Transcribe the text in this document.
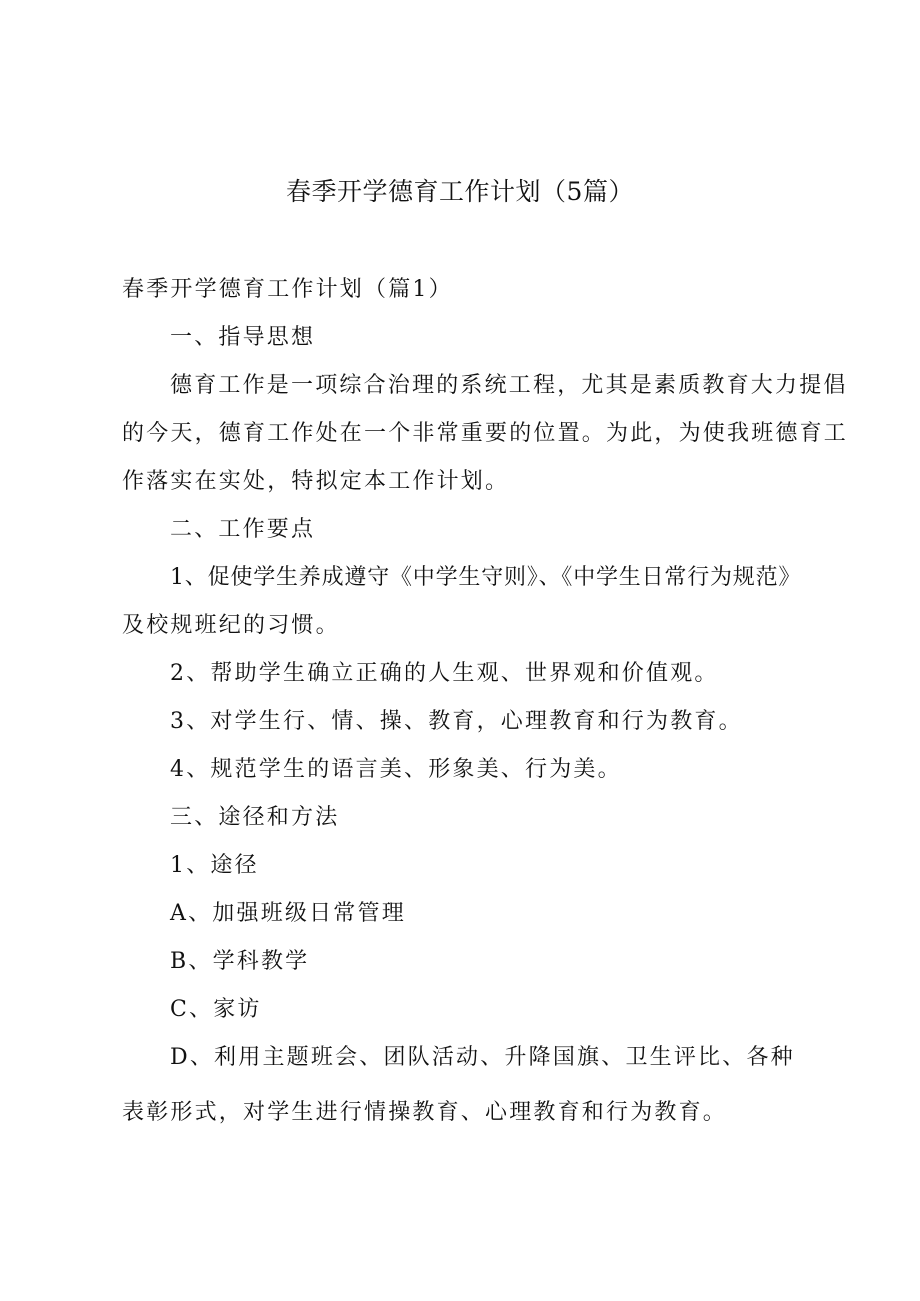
春季开学德育工作计划（5篇）
春季开学德育工作计划（篇1）
一、指导思想
德育工作是一项综合治理的系统工程，尤其是素质教育大力提倡
的今天，德育工作处在一个非常重要的位置。为此，为使我班德育工
作落实在实处，特拟定本工作计划。
二、工作要点
1、促使学生养成遵守《中学生守则》、《中学生日常行为规范》
及校规班纪的习惯。
2、帮助学生确立正确的人生观、世界观和价值观。
3、对学生行、情、操、教育，心理教育和行为教育。
4、规范学生的语言美、形象美、行为美。
三、途径和方法
1、途径
A、加强班级日常管理
B、学科教学
C、家访
D、利用主题班会、团队活动、升降国旗、卫生评比、各种
表彰形式，对学生进行情操教育、心理教育和行为教育。
